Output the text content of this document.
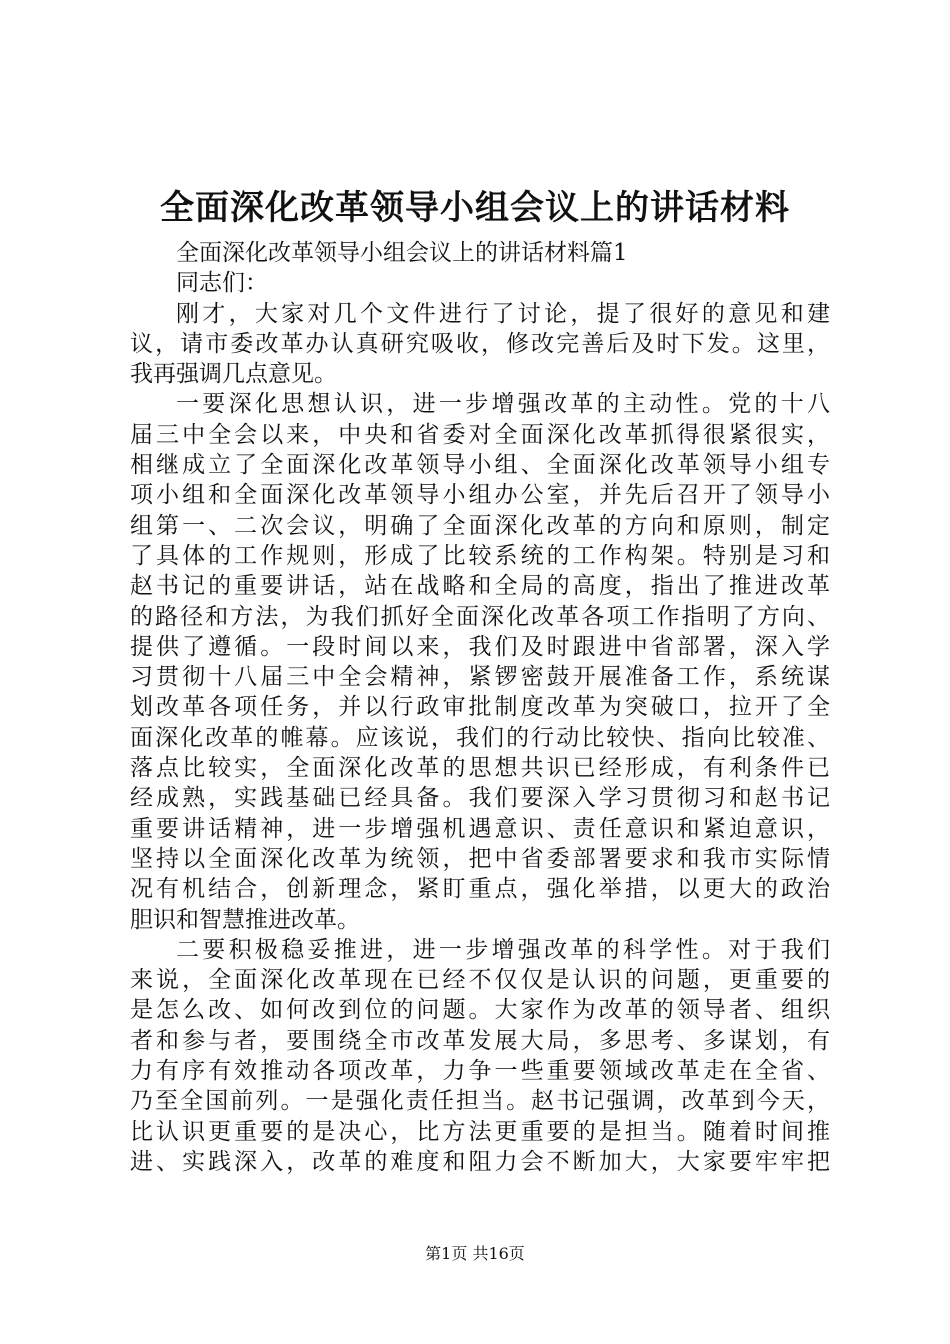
全面深化改革领导小组会议上的讲话材料
全面深化改革领导小组会议上的讲话材料篇1
同志们：
刚才，大家对几个文件进行了讨论，提了很好的意见和建
议，请市委改革办认真研究吸收，修改完善后及时下发。这里，
我再强调几点意见。
一要深化思想认识，进一步增强改革的主动性。党的十八
届三中全会以来，中央和省委对全面深化改革抓得很紧很实，
相继成立了全面深化改革领导小组、全面深化改革领导小组专
项小组和全面深化改革领导小组办公室，并先后召开了领导小
组第一、二次会议，明确了全面深化改革的方向和原则，制定
了具体的工作规则，形成了比较系统的工作构架。特别是习和
赵书记的重要讲话，站在战略和全局的高度，指出了推进改革
的路径和方法，为我们抓好全面深化改革各项工作指明了方向、
提供了遵循。一段时间以来，我们及时跟进中省部署，深入学
习贯彻十八届三中全会精神，紧锣密鼓开展准备工作，系统谋
划改革各项任务，并以行政审批制度改革为突破口，拉开了全
面深化改革的帷幕。应该说，我们的行动比较快、指向比较准、
落点比较实，全面深化改革的思想共识已经形成，有利条件已
经成熟，实践基础已经具备。我们要深入学习贯彻习和赵书记
重要讲话精神，进一步增强机遇意识、责任意识和紧迫意识，
坚持以全面深化改革为统领，把中省委部署要求和我市实际情
况有机结合，创新理念，紧盯重点，强化举措，以更大的政治
胆识和智慧推进改革。
二要积极稳妥推进，进一步增强改革的科学性。对于我们
来说，全面深化改革现在已经不仅仅是认识的问题，更重要的
是怎么改、如何改到位的问题。大家作为改革的领导者、组织
者和参与者，要围绕全市改革发展大局，多思考、多谋划，有
力有序有效推动各项改革，力争一些重要领域改革走在全省、
乃至全国前列。一是强化责任担当。赵书记强调，改革到今天，
比认识更重要的是决心，比方法更重要的是担当。随着时间推
进、实践深入，改革的难度和阻力会不断加大，大家要牢牢把
第1页 共16页
